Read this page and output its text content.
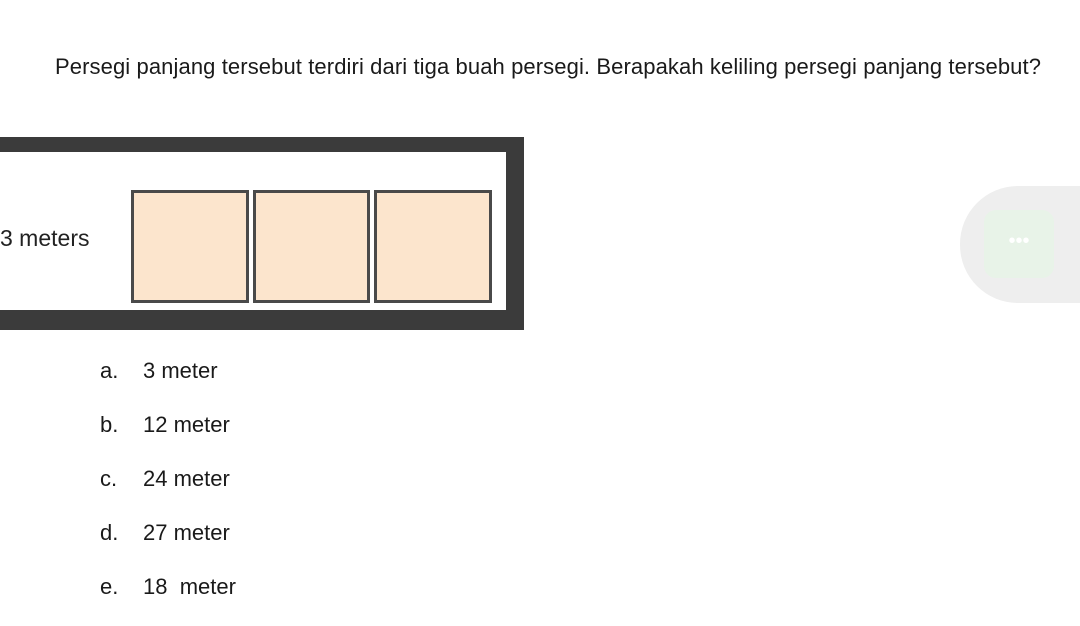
Persegi panjang tersebut terdiri dari tiga buah persegi. Berapakah keliling persegi panjang tersebut?

3 meters	•••
a.	3 meter
b.	12 meter
c.	24 meter
d.	27 meter
e.	18  meter
